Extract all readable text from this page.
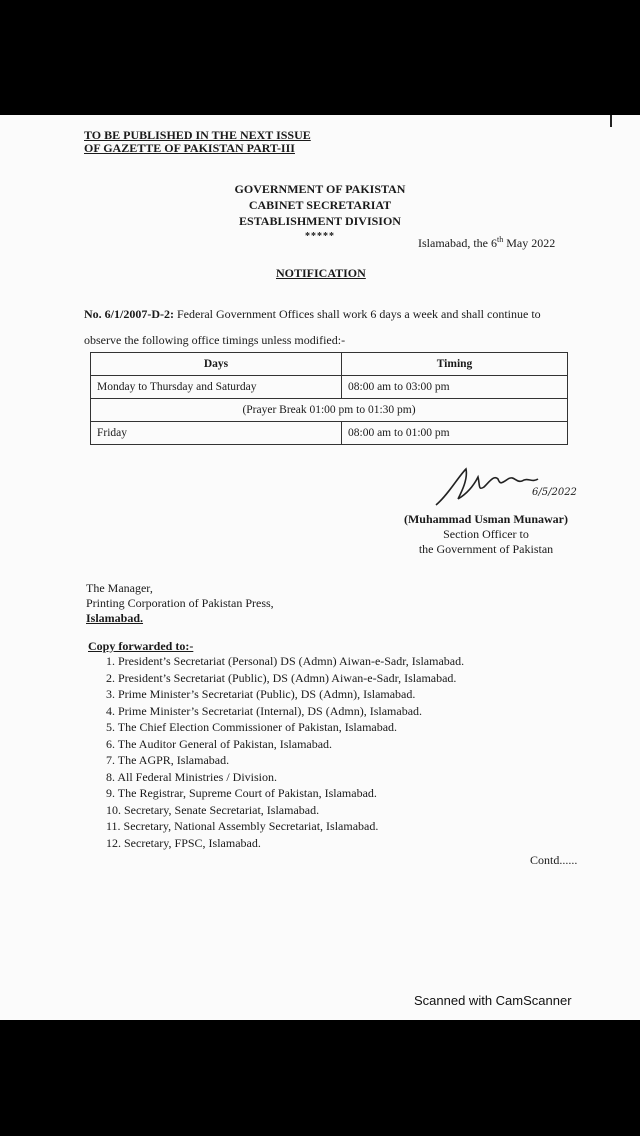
TO BE PUBLISHED IN THE NEXT ISSUE
OF GAZETTE OF PAKISTAN PART-III
GOVERNMENT OF PAKISTAN
CABINET SECRETARIAT
ESTABLISHMENT DIVISION
*****	Islamabad, the 6th May 2022
NOTIFICATION
No. 6/1/2007-D-2: Federal Government Offices shall work 6 days a week and shall continue to observe the following office timings unless modified:-
Days	Timing
Monday to Thursday and Saturday	08:00 am to 03:00 pm
(Prayer Break 01:00 pm to 01:30 pm)	
Friday	08:00 am to 01:00 pm
6/5/2022
(Muhammad Usman Munawar)
Section Officer to
the Government of Pakistan
The Manager,
Printing Corporation of Pakistan Press,
Islamabad.
Copy forwarded to:-
1. President’s Secretariat (Personal) DS (Admn) Aiwan-e-Sadr, Islamabad.
2. President’s Secretariat (Public), DS (Admn) Aiwan-e-Sadr, Islamabad.
3. Prime Minister’s Secretariat (Public), DS (Admn), Islamabad.
4. Prime Minister’s Secretariat (Internal), DS (Admn), Islamabad.
5. The Chief Election Commissioner of Pakistan, Islamabad.
6. The Auditor General of Pakistan, Islamabad.
7. The AGPR, Islamabad.
8. All Federal Ministries / Division.
9. The Registrar, Supreme Court of Pakistan, Islamabad.
10. Secretary, Senate Secretariat, Islamabad.
11. Secretary, National Assembly Secretariat, Islamabad.
12. Secretary, FPSC, Islamabad.
Contd......
Scanned with CamScanner
